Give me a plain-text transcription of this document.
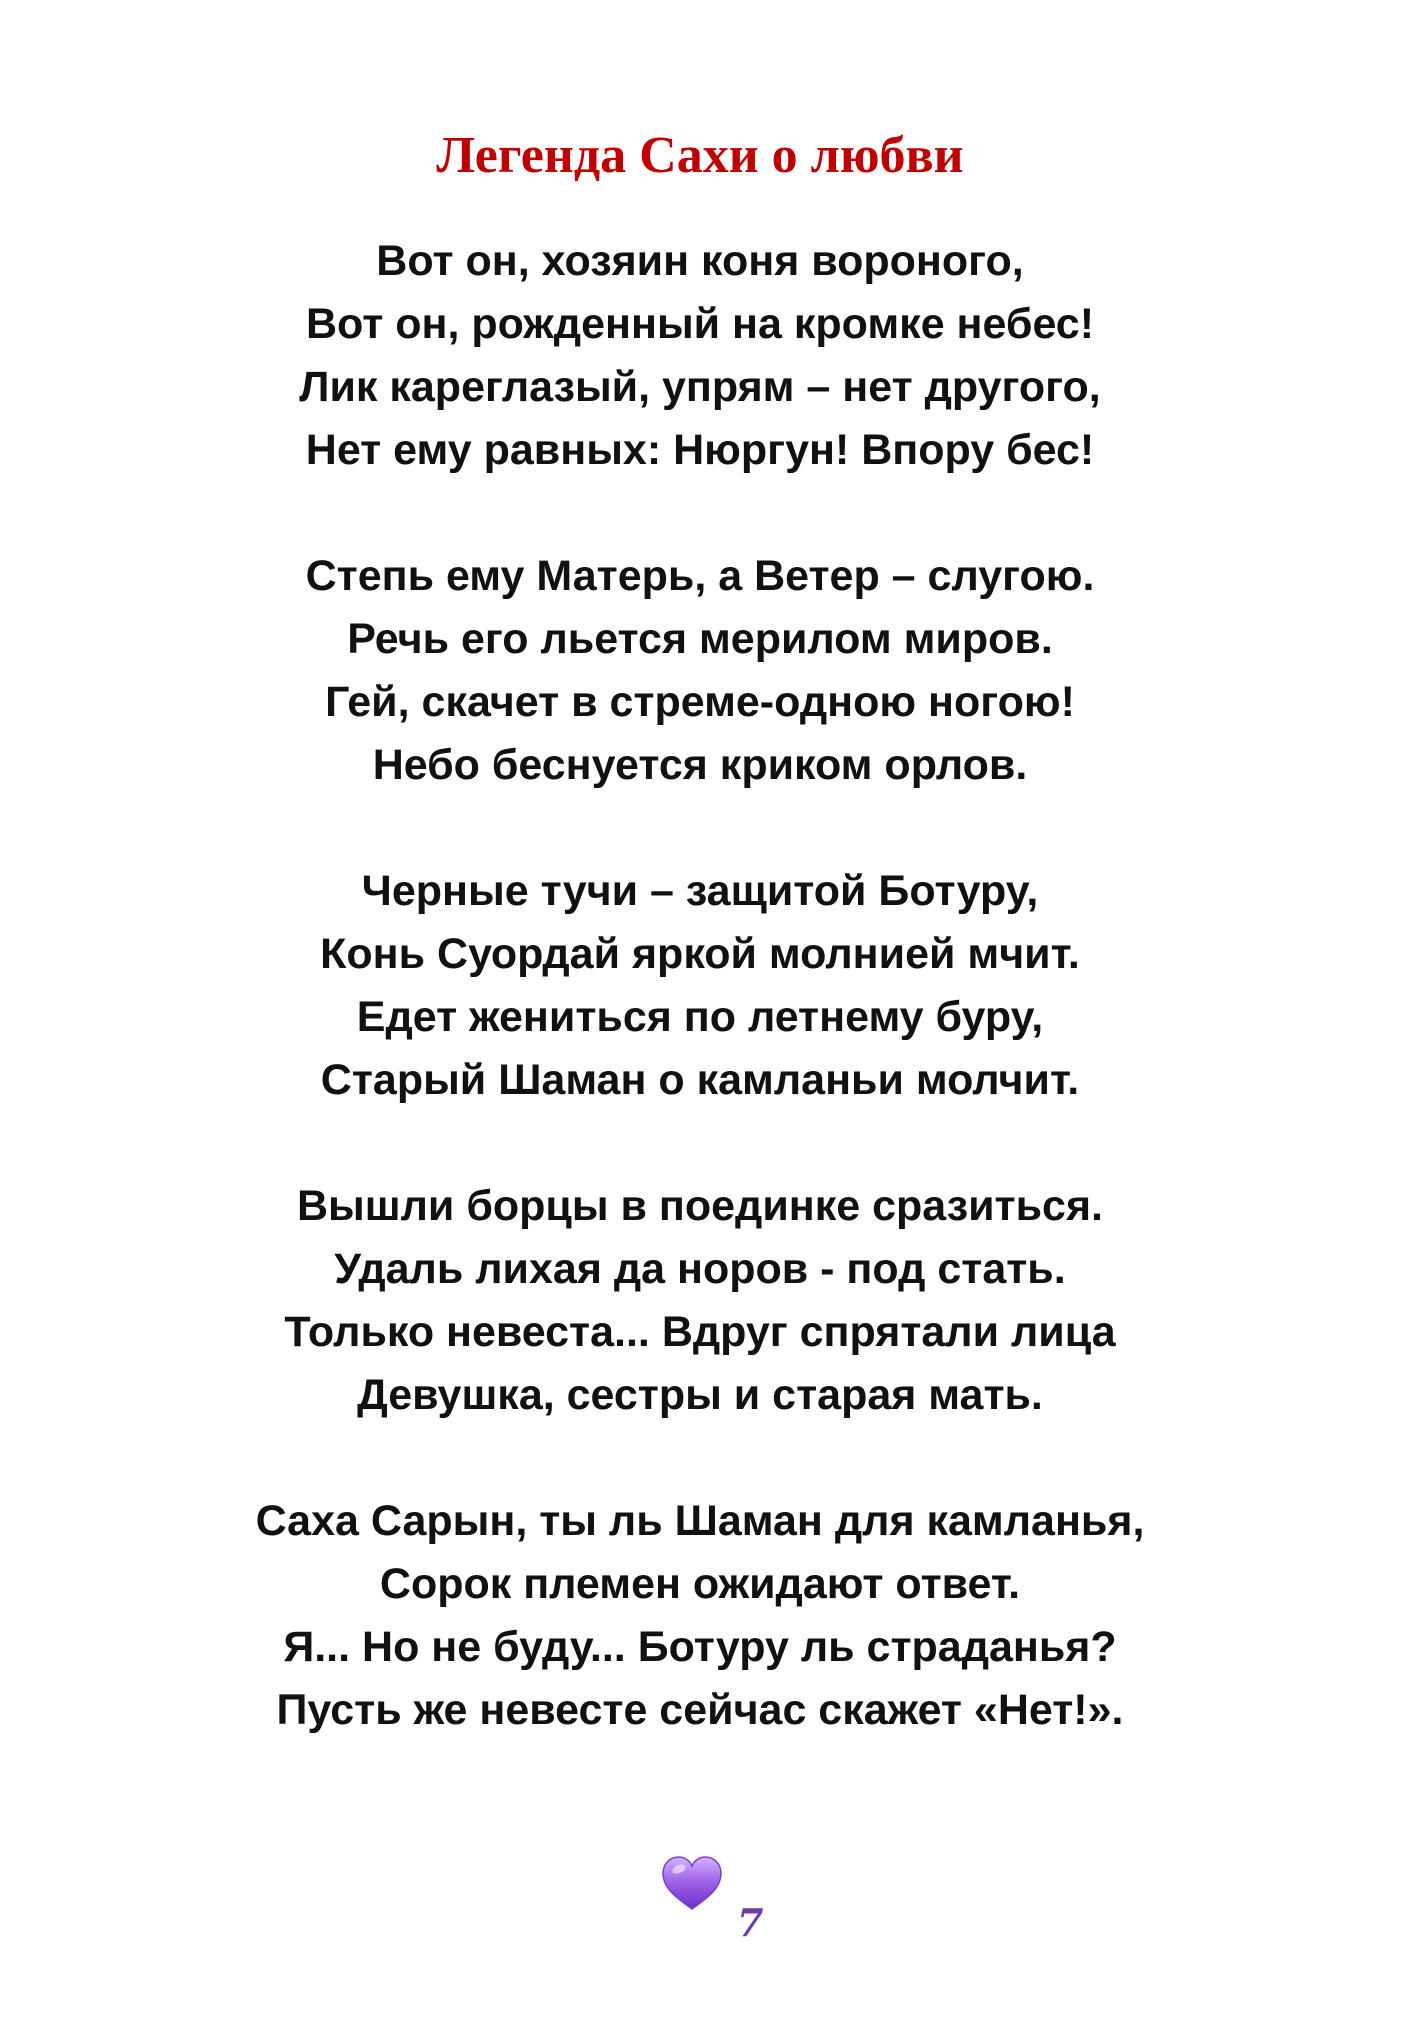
Легенда Сахи о любви
Вот он, хозяин коня вороного,
Вот он, рожденный на кромке небес!
Лик кареглазый, упрям – нет другого,
Нет ему равных: Нюргун! Впору бес!
Степь ему Матерь, а Ветер – слугою.
Речь его льется мерилом миров.
Гей, скачет в стреме-одною ногою!
Небо беснуется криком орлов.
Черные тучи – защитой Ботуру,
Конь Суордай яркой молнией мчит.
Едет жениться по летнему буру,
Старый Шаман о камланьи молчит.
Вышли борцы в поединке сразиться.
Удаль лихая да норов - под стать.
Только невеста... Вдруг спрятали лица
Девушка, сестры и старая мать.
Саха Сарын, ты ль Шаман для камланья,
Сорок племен ожидают ответ.
Я... Но не буду... Ботуру ль страданья?
Пусть же невесте сейчас скажет «Нет!».
7
